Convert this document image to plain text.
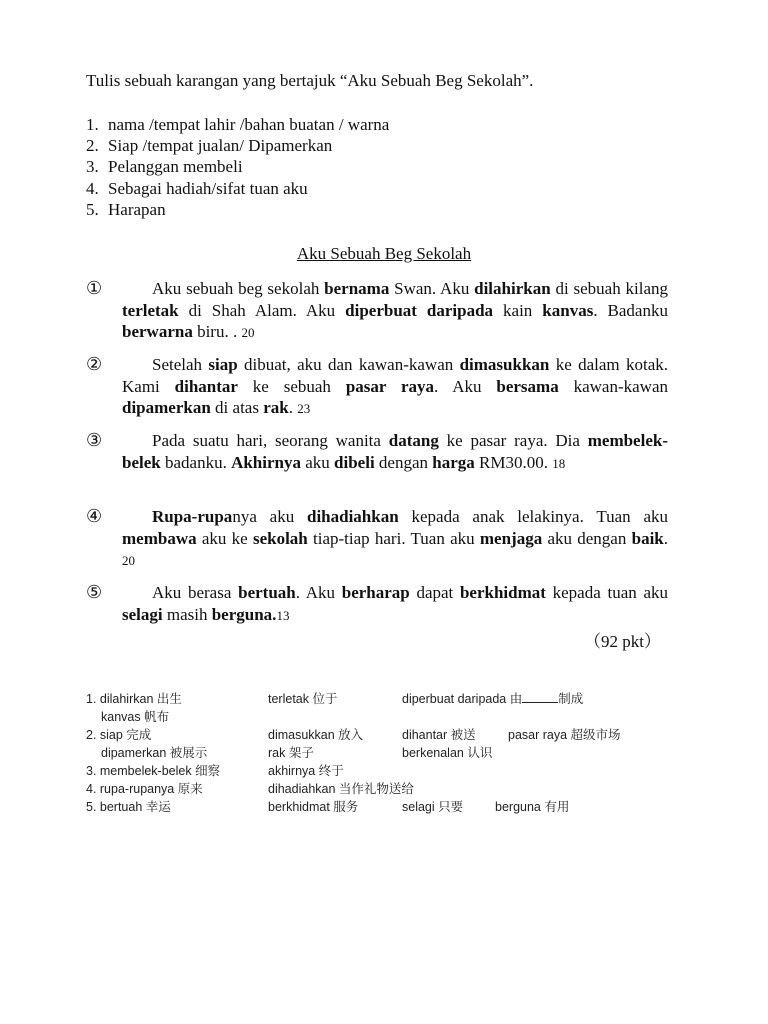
Tulis sebuah karangan yang bertajuk “Aku Sebuah Beg Sekolah”.
1. nama /tempat lahir /bahan buatan / warna
2. Siap /tempat jualan/ Dipamerkan
3. Pelanggan membeli
4. Sebagai hadiah/sifat tuan aku
5. Harapan
Aku Sebuah Beg Sekolah
①	Aku sebuah beg sekolah bernama Swan. Aku dilahirkan di sebuah kilang terletak di Shah Alam. Aku diperbuat daripada kain kanvas. Badanku berwarna biru. . 20
②	Setelah siap dibuat, aku dan kawan-kawan dimasukkan ke dalam kotak. Kami dihantar ke sebuah pasar raya. Aku bersama kawan-kawan dipamerkan di atas rak. 23
③	Pada suatu hari, seorang wanita datang ke pasar raya. Dia membelek-belek badanku. Akhirnya aku dibeli dengan harga RM30.00. 18
④	Rupa-rupanya aku dihadiahkan kepada anak lelakinya. Tuan aku membawa aku ke sekolah tiap-tiap hari. Tuan aku menjaga aku dengan baik. 20
⑤	Aku berasa bertuah. Aku berharap dapat berkhidmat kepada tuan aku selagi masih berguna.13
（92 pkt）
1. dilahirkan 出生	terletak 位于	diperbuat daripada 由	制成
kanvas 帆布
2. siap 完成	dimasukkan 放入	dihantar 被送	pasar raya 超级市场
dipamerkan 被展示	rak 架子	berkenalan 认识
3. membelek-belek 细察	akhirnya 终于
4. rupa-rupanya 原来	dihadiahkan 当作礼物送给
5. bertuah 幸运	berkhidmat 服务	selagi 只要	berguna 有用
